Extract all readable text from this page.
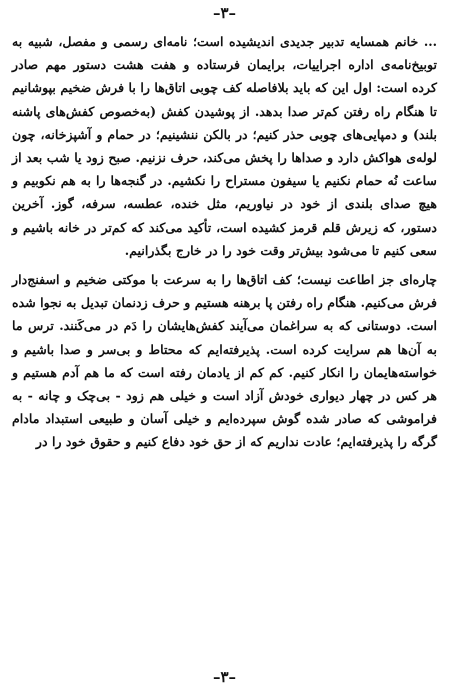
–۳–

... خانم همسایه تدبیر جدیدی اندیشیده است؛ نامه‌ای رسمی و مفصل، شبیه به توبیخ‌نامه‌ی اداره اجراییات، برایمان فرستاده و هفت هشت دستور مهم صادر کرده است: اول این که باید بلافاصله کف چوبی اتاق‌ها را با فرش ضخیم بپوشانیم تا هنگام راه رفتن کم‌تر صدا بدهد. از پوشیدن کفش (به‌خصوص کفش‌های پاشنه بلند) و دمپایی‌های چوبی حذر کنیم؛ در بالکن ننشینیم؛ در حمام و آشپزخانه، چون لوله‌ی هواکش دارد و صداها را پخش می‌کند، حرف نزنیم. صبح زود یا شب بعد از ساعت نُه حمام نکنیم یا سیفون مستراح را نکشیم. در گنجه‌ها را به هم نکوبیم و هیچ صدای بلندی از خود در نیاوریم، مثل خنده، عطسه، سرفه، گوز. آخرین دستور، که زیرش قلم قرمز کشیده است، تأکید می‌کند که کم‌تر در خانه باشیم و سعی کنیم تا می‌شود بیش‌تر وقت خود را در خارج بگذرانیم.

چاره‌ای جز اطاعت نیست؛ کف اتاق‌ها را به سرعت با موکتی ضخیم و اسفنج‌دار فرش می‌کنیم. هنگام راه رفتن پا برهنه هستیم و حرف زدنمان تبدیل به نجوا شده است. دوستانی که به سراغمان می‌آیند کفش‌هایشان را دَم در می‌کَنند. ترس ما به آن‌ها هم سرایت کرده است. پذیرفته‌ایم که محتاط و بی‌سر و صدا باشیم و خواسته‌هایمان را انکار کنیم. کم کم از یادمان رفته است که ما هم آدم هستیم و هر کس در چهار دیواری خودش آزاد است و خیلی هم زود - بی‌چک و چانه - به فراموشی که صادر شده گوش سپرده‌ایم و خیلی آسان و طبیعی استبداد مادام گرگه را پذیرفته‌ایم؛ عادت نداریم که از حق خود دفاع کنیم و حقوق خود را در

–۳–
